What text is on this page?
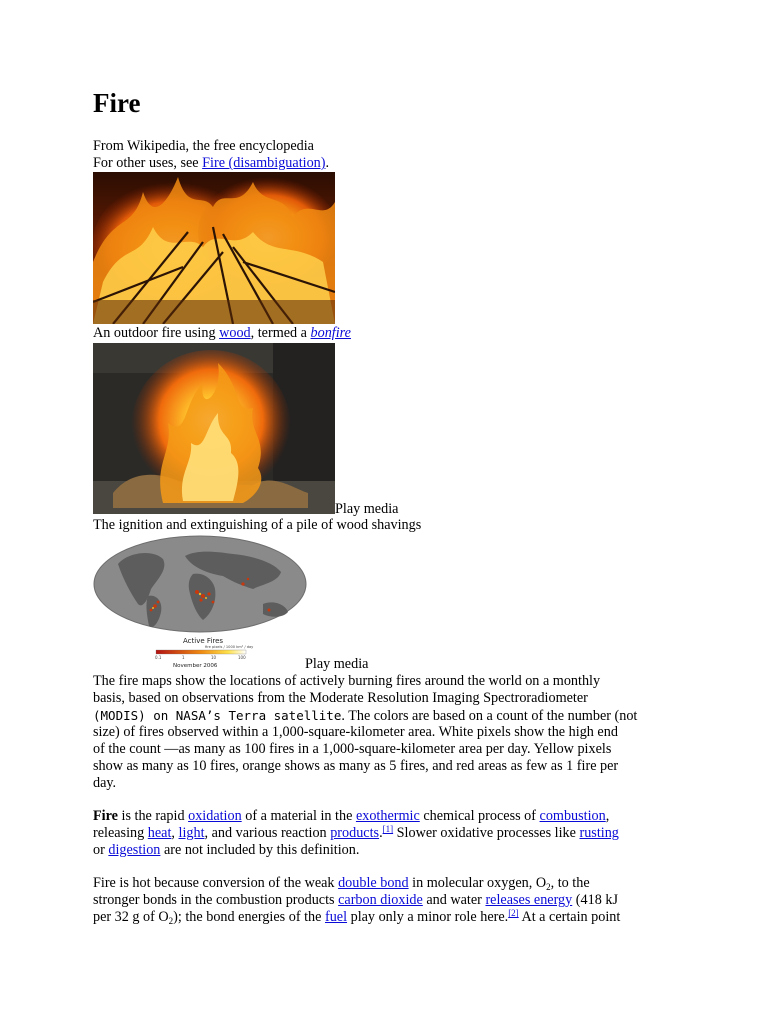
Fire
From Wikipedia, the free encyclopedia
For other uses, see Fire (disambiguation).
An outdoor fire using wood, termed a bonfire
Play media
The ignition and extinguishing of a pile of wood shavings
Active Fires
fire pixels / 1000 km² / day
0.1	1	10	100
November 2006	Play media
The fire maps show the locations of actively burning fires around the world on a monthly
basis, based on observations from the Moderate Resolution Imaging Spectroradiometer
(MODIS) on NASA’s Terra satellite. The colors are based on a count of the number (not
size) of fires observed within a 1,000-square-kilometer area. White pixels show the high end
of the count —as many as 100 fires in a 1,000-square-kilometer area per day. Yellow pixels
show as many as 10 fires, orange shows as many as 5 fires, and red areas as few as 1 fire per
day.
Fire is the rapid oxidation of a material in the exothermic chemical process of combustion,
releasing heat, light, and various reaction products.[1] Slower oxidative processes like rusting
or digestion are not included by this definition.
Fire is hot because conversion of the weak double bond in molecular oxygen, $O_2$, to the
stronger bonds in the combustion products carbon dioxide and water releases energy (418 kJ
per 32 g of $O_2$); the bond energies of the fuel play only a minor role here.[2] At a certain point
